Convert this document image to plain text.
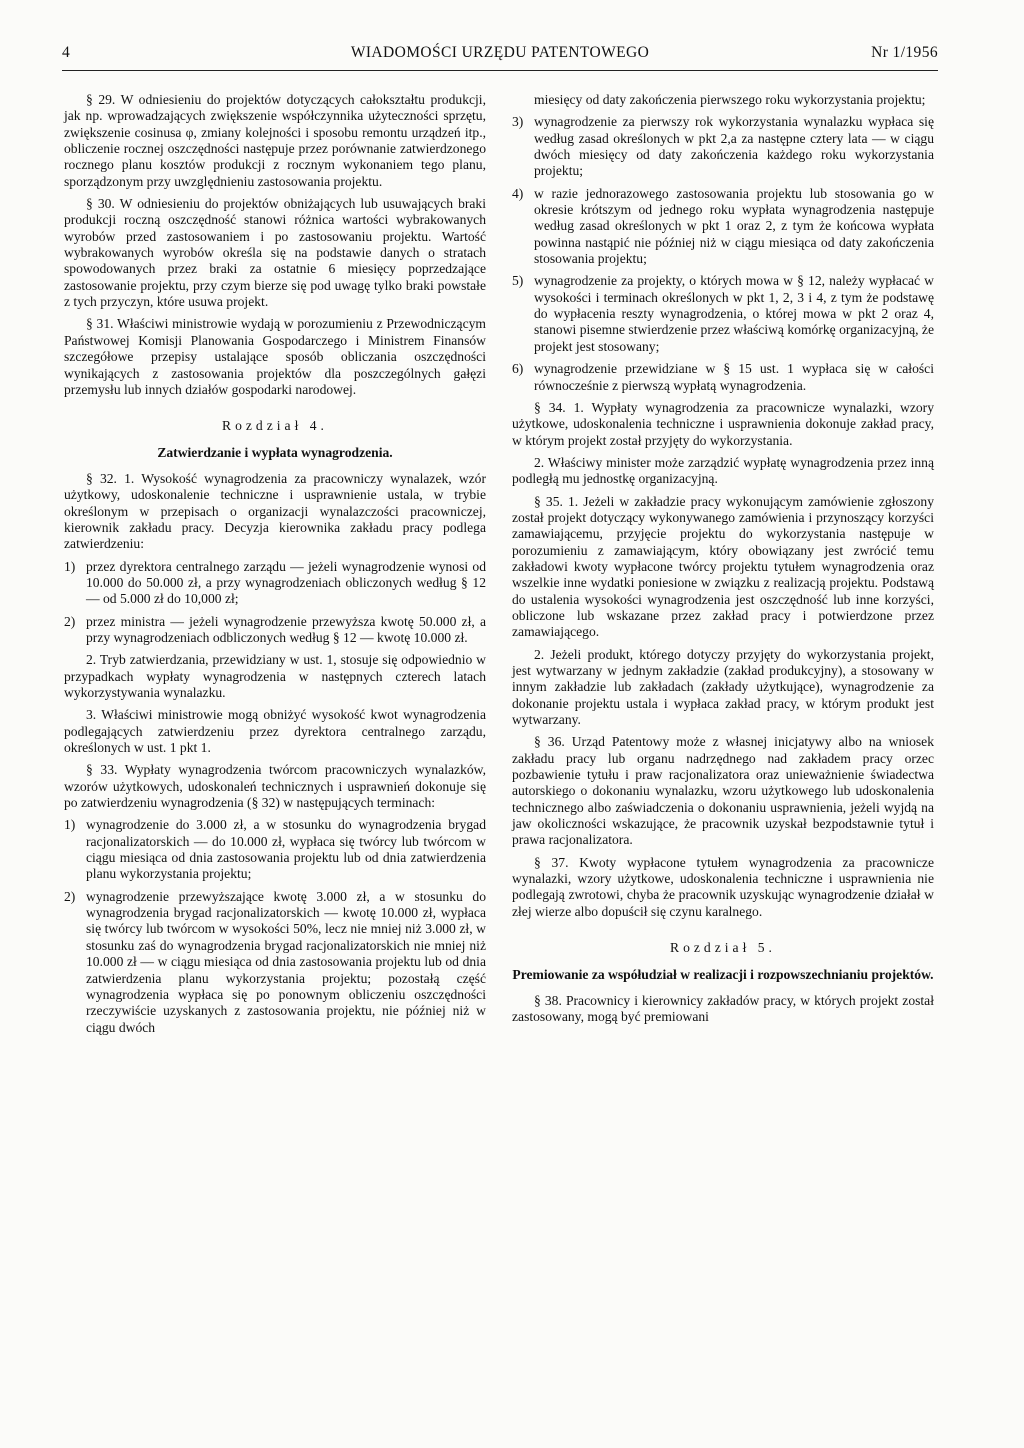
4	WIADOMOŚCI URZĘDU PATENTOWEGO	Nr 1/1956

§ 29. W odniesieniu do projektów dotyczących całokształtu produkcji, jak np. wprowadzających zwiększenie współczynnika użyteczności sprzętu, zwiększenie cosinusa φ, zmiany kolejności i sposobu remontu urządzeń itp., obliczenie rocznej oszczędności następuje przez porównanie zatwierdzonego rocznego planu kosztów produkcji z rocznym wykonaniem tego planu, sporządzonym przy uwzględnieniu zastosowania projektu.

§ 30. W odniesieniu do projektów obniżających lub usuwających braki produkcji roczną oszczędność stanowi różnica wartości wybrakowanych wyrobów przed zastosowaniem i po zastosowaniu projektu. Wartość wybrakowanych wyrobów określa się na podstawie danych o stratach spowodowanych przez braki za ostatnie 6 miesięcy poprzedzające zastosowanie projektu, przy czym bierze się pod uwagę tylko braki powstałe z tych przyczyn, które usuwa projekt.

§ 31. Właściwi ministrowie wydają w porozumieniu z Przewodniczącym Państwowej Komisji Planowania Gospodarczego i Ministrem Finansów szczegółowe przepisy ustalające sposób obliczania oszczędności wynikających z zastosowania projektów dla poszczególnych gałęzi przemysłu lub innych działów gospodarki narodowej.

Rozdział 4.
Zatwierdzanie i wypłata wynagrodzenia.

§ 32. 1. Wysokość wynagrodzenia za pracowniczy wynalazek, wzór użytkowy, udoskonalenie techniczne i usprawnienie ustala, w trybie określonym w przepisach o organizacji wynalazczości pracowniczej, kierownik zakładu pracy. Decyzja kierownika zakładu pracy podlega zatwierdzeniu:

1) przez dyrektora centralnego zarządu — jeżeli wynagrodzenie wynosi od 10.000 do 50.000 zł, a przy wynagrodzeniach obliczonych według § 12 — od 5.000 zł do 10,000 zł;

2) przez ministra — jeżeli wynagrodzenie przewyższa kwotę 50.000 zł, a przy wynagrodzeniach odbliczonych według § 12 — kwotę 10.000 zł.

2. Tryb zatwierdzania, przewidziany w ust. 1, stosuje się odpowiednio w przypadkach wypłaty wynagrodzenia w następnych czterech latach wykorzystywania wynalazku.

3. Właściwi ministrowie mogą obniżyć wysokość kwot wynagrodzenia podlegających zatwierdzeniu przez dyrektora centralnego zarządu, określonych w ust. 1 pkt 1.

§ 33. Wypłaty wynagrodzenia twórcom pracowniczych wynalazków, wzorów użytkowych, udoskonaleń technicznych i usprawnień dokonuje się po zatwierdzeniu wynagrodzenia (§ 32) w następujących terminach:

1) wynagrodzenie do 3.000 zł, a w stosunku do wynagrodzenia brygad racjonalizatorskich — do 10.000 zł, wypłaca się twórcy lub twórcom w ciągu miesiąca od dnia zastosowania projektu lub od dnia zatwierdzenia planu wykorzystania projektu;

2) wynagrodzenie przewyższające kwotę 3.000 zł, a w stosunku do wynagrodzenia brygad racjonalizatorskich — kwotę 10.000 zł, wypłaca się twórcy lub twórcom w wysokości 50%, lecz nie mniej niż 3.000 zł, w stosunku zaś do wynagrodzenia brygad racjonalizatorskich nie mniej niż 10.000 zł — w ciągu miesiąca od dnia zastosowania projektu lub od dnia zatwierdzenia planu wykorzystania projektu; pozostałą część wynagrodzenia wypłaca się po ponownym obliczeniu oszczędności rzeczywiście uzyskanych z zastosowania projektu, nie później niż w ciągu dwóch

miesięcy od daty zakończenia pierwszego roku wykorzystania projektu;

3) wynagrodzenie za pierwszy rok wykorzystania wynalazku wypłaca się według zasad określonych w pkt 2,a za następne cztery lata — w ciągu dwóch miesięcy od daty zakończenia każdego roku wykorzystania projektu;

4) w razie jednorazowego zastosowania projektu lub stosowania go w okresie krótszym od jednego roku wypłata wynagrodzenia następuje według zasad określonych w pkt 1 oraz 2, z tym że końcowa wypłata powinna nastąpić nie później niż w ciągu miesiąca od daty zakończenia stosowania projektu;

5) wynagrodzenie za projekty, o których mowa w § 12, należy wypłacać w wysokości i terminach określonych w pkt 1, 2, 3 i 4, z tym że podstawę do wypłacenia reszty wynagrodzenia, o której mowa w pkt 2 oraz 4, stanowi pisemne stwierdzenie przez właściwą komórkę organizacyjną, że projekt jest stosowany;

6) wynagrodzenie przewidziane w § 15 ust. 1 wypłaca się w całości równocześnie z pierwszą wypłatą wynagrodzenia.

§ 34. 1. Wypłaty wynagrodzenia za pracownicze wynalazki, wzory użytkowe, udoskonalenia techniczne i usprawnienia dokonuje zakład pracy, w którym projekt został przyjęty do wykorzystania.

2. Właściwy minister może zarządzić wypłatę wynagrodzenia przez inną podległą mu jednostkę organizacyjną.

§ 35. 1. Jeżeli w zakładzie pracy wykonującym zamówienie zgłoszony został projekt dotyczący wykonywanego zamówienia i przynoszący korzyści zamawiającemu, przyjęcie projektu do wykorzystania następuje w porozumieniu z zamawiającym, który obowiązany jest zwrócić temu zakładowi kwoty wypłacone twórcy projektu tytułem wynagrodzenia oraz wszelkie inne wydatki poniesione w związku z realizacją projektu. Podstawą do ustalenia wysokości wynagrodzenia jest oszczędność lub inne korzyści, obliczone lub wskazane przez zakład pracy i potwierdzone przez zamawiającego.

2. Jeżeli produkt, którego dotyczy przyjęty do wykorzystania projekt, jest wytwarzany w jednym zakładzie (zakład produkcyjny), a stosowany w innym zakładzie lub zakładach (zakłady użytkujące), wynagrodzenie za dokonanie projektu ustala i wypłaca zakład pracy, w którym produkt jest wytwarzany.

§ 36. Urząd Patentowy może z własnej inicjatywy albo na wniosek zakładu pracy lub organu nadrzędnego nad zakładem pracy orzec pozbawienie tytułu i praw racjonalizatora oraz unieważnienie świadectwa autorskiego o dokonaniu wynalazku, wzoru użytkowego lub udoskonalenia technicznego albo zaświadczenia o dokonaniu usprawnienia, jeżeli wyjdą na jaw okoliczności wskazujące, że pracownik uzyskał bezpodstawnie tytuł i prawa racjonalizatora.

§ 37. Kwoty wypłacone tytułem wynagrodzenia za pracownicze wynalazki, wzory użytkowe, udoskonalenia techniczne i usprawnienia nie podlegają zwrotowi, chyba że pracownik uzyskując wynagrodzenie działał w złej wierze albo dopuścił się czynu karalnego.

Rozdział 5.
Premiowanie za współudział w realizacji i rozpowszechnianiu projektów.

§ 38. Pracownicy i kierownicy zakładów pracy, w których projekt został zastosowany, mogą być premiowani
